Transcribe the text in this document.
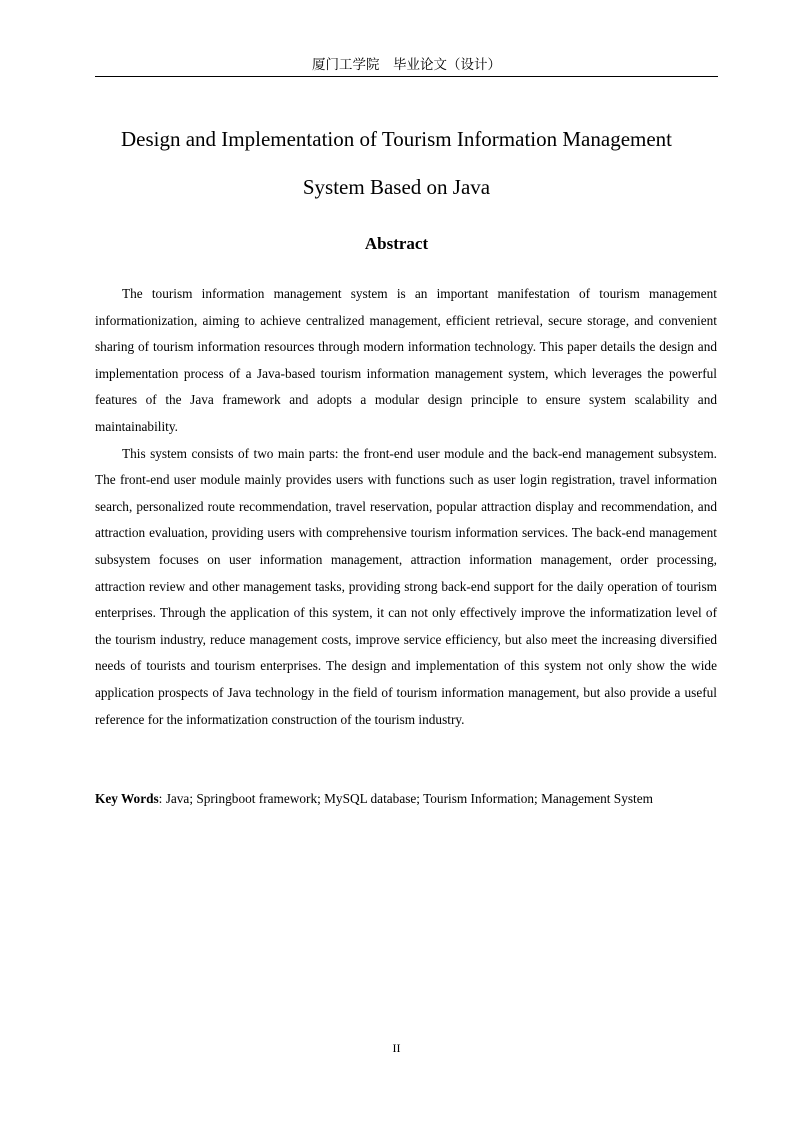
厦门工学院　毕业论文（设计）
Design and Implementation of Tourism Information Management
System Based on Java
Abstract

The tourism information management system is an important manifestation of tourism management informationization, aiming to achieve centralized management, efficient retrieval, secure storage, and convenient sharing of tourism information resources through modern information technology. This paper details the design and implementation process of a Java-based tourism information management system, which leverages the powerful features of the Java framework and adopts a modular design principle to ensure system scalability and maintainability.

This system consists of two main parts: the front-end user module and the back-end management subsystem. The front-end user module mainly provides users with functions such as user login registration, travel information search, personalized route recommendation, travel reservation, popular attraction display and recommendation, and attraction evaluation, providing users with comprehensive tourism information services. The back-end management subsystem focuses on user information management, attraction information management, order processing, attraction review and other management tasks, providing strong back-end support for the daily operation of tourism enterprises. Through the application of this system, it can not only effectively improve the informatization level of the tourism industry, reduce management costs, improve service efficiency, but also meet the increasing diversified needs of tourists and tourism enterprises. The design and implementation of this system not only show the wide application prospects of Java technology in the field of tourism information management, but also provide a useful reference for the informatization construction of the tourism industry.

Key Words: Java; Springboot framework; MySQL database; Tourism Information; Management System
II
